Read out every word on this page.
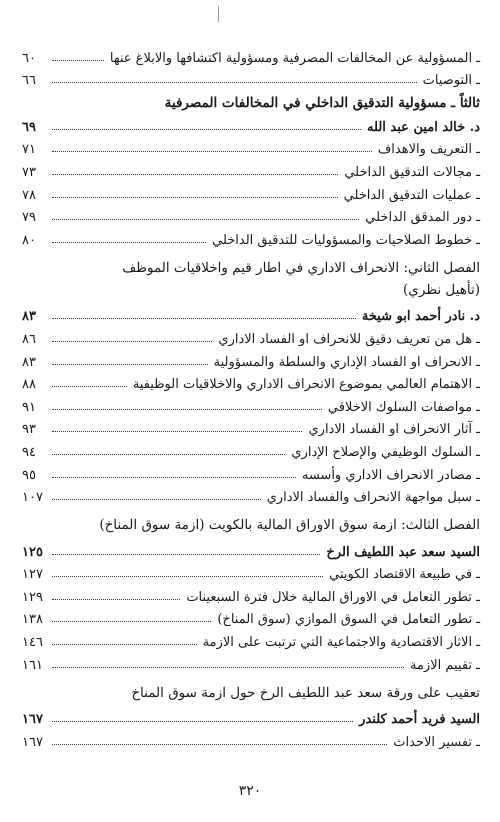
ـ المسؤولية عن المخالفات المصرفية ومسؤولية اكتشافها والابلاغ عنها
٦٠
ـ التوصيات
٦٦
ثالثاً ـ مسؤولية التدقيق الداخلي في المخالفات المصرفية
د. خالد امين عبد الله
٦٩
ـ التعريف والاهداف
٧١
ـ مجالات التدقيق الداخلي
٧٣
ـ عمليات التدقيق الداخلي
٧٨
ـ دور المدقق الداخلي
٧٩
ـ خطوط الصلاحيات والمسؤوليات للتدقيق الداخلي
٨٠
الفصل الثاني: الانحراف الاداري في اطار قيم واخلاقيات الموظف
(تأهيل نظري)
د. نادر أحمد ابو شيخة
٨٣
ـ هل من تعريف دقيق للانحراف او الفساد الاداري
٨٦
ـ الانحراف او الفساد الإداري والسلطة والمسؤولية
٨٣
ـ الاهتمام العالمي بموضوع الانحراف الاداري والاخلاقيات الوظيفية
٨٨
ـ مواصفات السلوك الاخلاقي
٩١
ـ آثار الانحراف او الفساد الاداري
٩٣
ـ السلوك الوظيفي والإصلاح الإداري
٩٤
ـ مصادر الانحراف الاداري وأسسه
٩٥
ـ سبل مواجهة الانحراف والفساد الاداري
١٠٧
الفصل الثالث: ازمة سوق الاوراق المالية بالكويت (ازمة سوق المناخ)
السيد سعد عبد اللطيف الرخ
١٢٥
ـ في طبيعة الاقتصاد الكويتي
١٢٧
ـ تطور التعامل في الاوراق المالية خلال فترة السبعينات
١٢٩
ـ تطور التعامل في السوق الموازي (سوق المناخ)
١٣٨
ـ الاثار الاقتصادية والاجتماعية التي ترتبت على الازمة
١٤٦
ـ تقييم الازمة
١٦١
تعقيب على ورقة سعد عبد اللطيف الرخ حول ازمة سوق المناخ
السيد فريد أحمد كلندر
١٦٧
ـ تفسير الاحداث
١٦٧
٣٢٠
